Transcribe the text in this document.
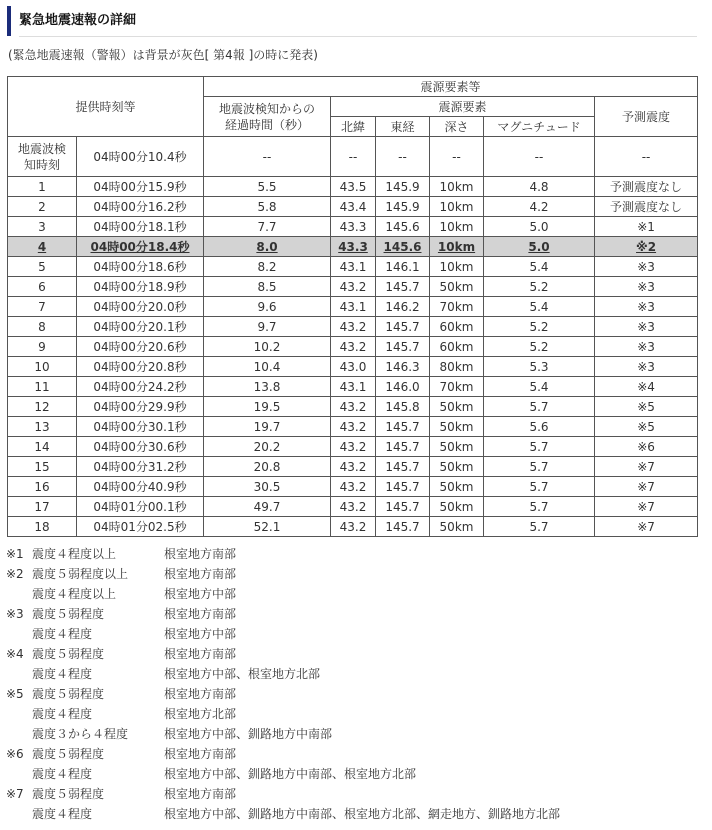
緊急地震速報の詳細
(緊急地震速報（警報）は背景が灰色[ 第4報 ]の時に発表)
提供時刻等		震源要素等					
		地震波検知からの経過時間（秒）	震源要素				予測震度
			北緯	東経	深さ	マグニチュード	
地震波検知時刻	04時00分10.4秒	--	--	--	--	--	--
1	04時00分15.9秒	5.5	43.5	145.9	10km	4.8	予測震度なし
2	04時00分16.2秒	5.8	43.4	145.9	10km	4.2	予測震度なし
3	04時00分18.1秒	7.7	43.3	145.6	10km	5.0	※1
4	04時00分18.4秒	8.0	43.3	145.6	10km	5.0	※2
5	04時00分18.6秒	8.2	43.1	146.1	10km	5.4	※3
6	04時00分18.9秒	8.5	43.2	145.7	50km	5.2	※3
7	04時00分20.0秒	9.6	43.1	146.2	70km	5.4	※3
8	04時00分20.1秒	9.7	43.2	145.7	60km	5.2	※3
9	04時00分20.6秒	10.2	43.2	145.7	60km	5.2	※3
10	04時00分20.8秒	10.4	43.0	146.3	80km	5.3	※3
11	04時00分24.2秒	13.8	43.1	146.0	70km	5.4	※4
12	04時00分29.9秒	19.5	43.2	145.8	50km	5.7	※5
13	04時00分30.1秒	19.7	43.2	145.7	50km	5.6	※5
14	04時00分30.6秒	20.2	43.2	145.7	50km	5.7	※6
15	04時00分31.2秒	20.8	43.2	145.7	50km	5.7	※7
16	04時00分40.9秒	30.5	43.2	145.7	50km	5.7	※7
17	04時01分00.1秒	49.7	43.2	145.7	50km	5.7	※7
18	04時01分02.5秒	52.1	43.2	145.7	50km	5.7	※7
※1 震度４程度以上	根室地方南部
※2 震度５弱程度以上	根室地方南部
震度４程度以上	根室地方中部
※3 震度５弱程度	根室地方南部
震度４程度	根室地方中部
※4 震度５弱程度	根室地方南部
震度４程度	根室地方中部、根室地方北部
※5 震度５弱程度	根室地方南部
震度４程度	根室地方北部
震度３から４程度	根室地方中部、釧路地方中南部
※6 震度５弱程度	根室地方南部
震度４程度	根室地方中部、釧路地方中南部、根室地方北部
※7 震度５弱程度	根室地方南部
震度４程度	根室地方中部、釧路地方中南部、根室地方北部、網走地方、釧路地方北部
